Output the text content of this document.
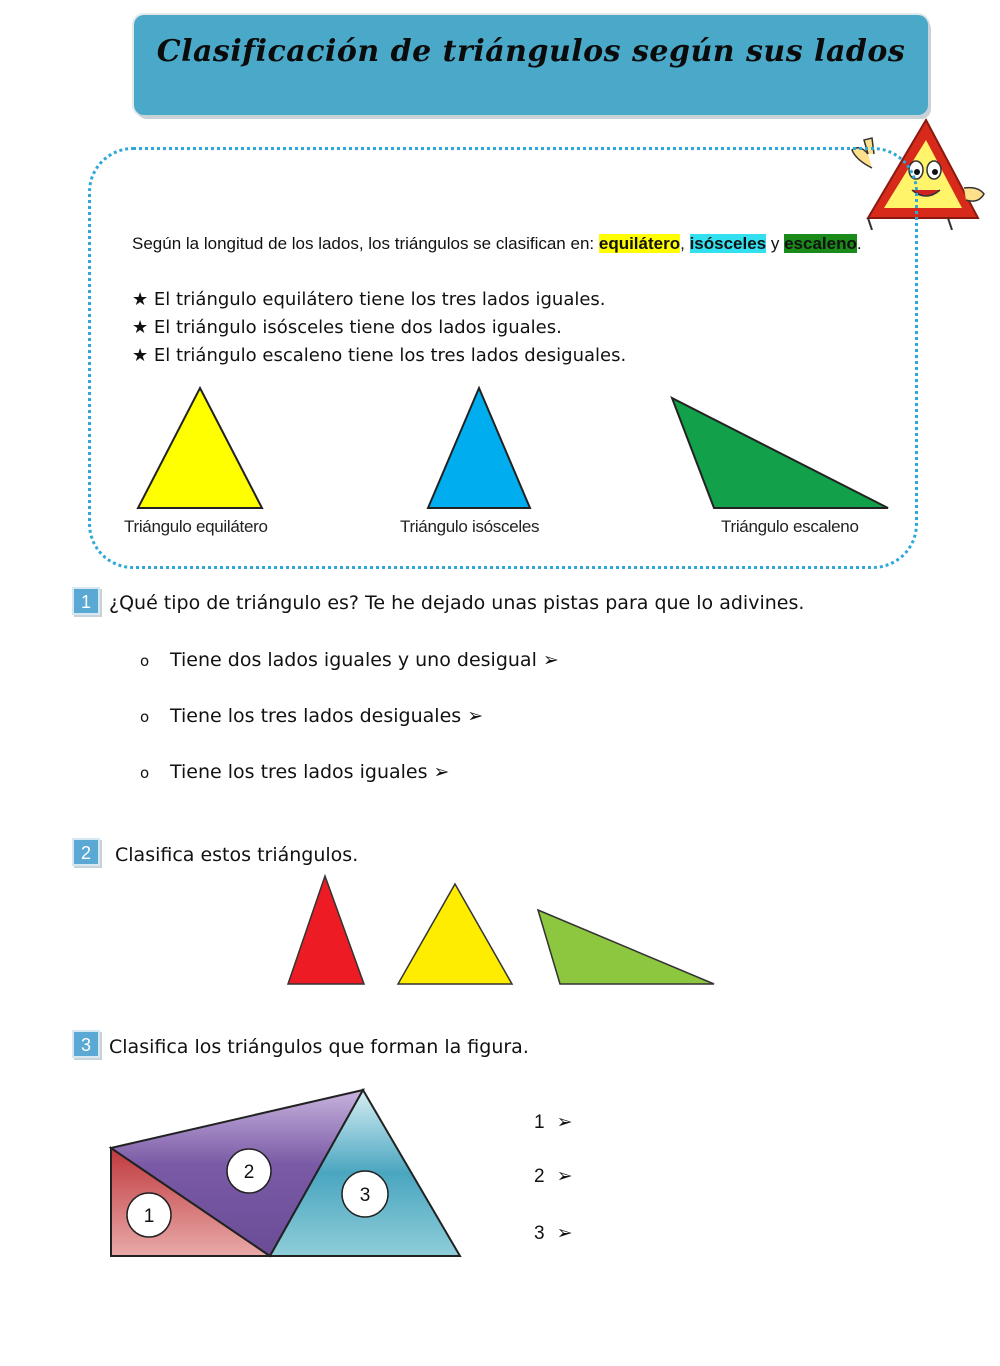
Clasificación de triángulos según sus lados
Según la longitud de los lados, los triángulos se clasifican en: equilátero, isósceles y escaleno.
★ El triángulo equilátero tiene los tres lados iguales.
★ El triángulo isósceles tiene dos lados iguales.
★ El triángulo escaleno tiene los tres lados desiguales.
Triángulo equilátero	Triángulo isósceles	Triángulo escaleno
1 ¿Qué tipo de triángulo es? Te he dejado unas pistas para que lo adivines.
o Tiene dos lados iguales y uno desigual ➢
o Tiene los tres lados desiguales ➢
o Tiene los tres lados iguales ➢
2	Clasifica estos triángulos.
3 Clasifica los triángulos que forman la figura.
1
2
3
1 ➢
2 ➢
3 ➢
